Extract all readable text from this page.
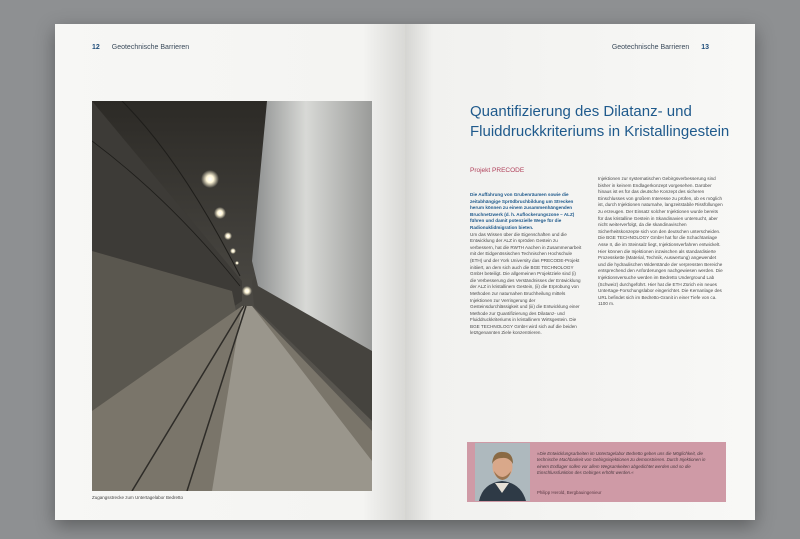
12 Geotechnische Barrieren
Zugangsstrecke zum Untertagelabor Bedretto
Geotechnische Barrieren 13
Quantifizierung des Dilatanz- und Fluiddruckkriteriums in Kristallingestein
Projekt PRECODE

Die Auffahrung von Grubenräumen sowie die zeitabhängige Sprödbruchbildung um Strecken herum können zu einem zusammenhängenden Bruchnetzwerk (d. h. Auflockerungszone – ALZ) führen und damit potenzielle Wege für die Radionuklidmigration bieten.

Um das Wissen über die Eigenschaften und die Entwicklung der ALZ in spröden Gestein zu verbessern, hat die RWTH Aachen in Zusammenarbeit mit der Eidgenössischen Technischen Hochschule (ETH) und der York University das PRECODE-Projekt initiiert, an dem sich auch die BGE TECHNOLOGY GmbH beteiligt. Die allgemeinen Projektziele sind (i) die Verbesserung des Verständnisses der Entwicklung der ALZ in kristallinem Gestein, (ii) die Erprobung von Methoden zur naturnahen Bruchheilung mittels Injektionen zur Verringerung der Gesteinsdurchlässigkeit und (iii) die Entwicklung einer Methode zur Quantifizierung des Dilatanz- und Fluiddruckkriteriums in kristallinem Wirtsgestein. Die BGE TECHNOLOGY GmbH wird sich auf die beiden letztgenannten Ziele konzentrieren.

Injektionen zur systematischen Gebirgsverbesserung sind bisher in keinem Endlagerkonzept vorgesehen. Darüber hinaus ist es für das deutsche Konzept des sicheren Einschlusses von großem Interesse zu prüfen, ob es möglich ist, durch Injektionen naturnahe, langzeitstabile Rissfüllungen zu erzeugen. Der Einsatz solcher Injektionen wurde bereits für das kristalline Gestein in Skandinavien untersucht, aber nicht weiterverfolgt, da die skandinavischen Sicherheitskonzepte sich von den deutschen unterscheiden. Die BGE TECHNOLOGY GmbH hat für die Schachtanlage Asse II, die im Steinsalz liegt, Injektionsverfahren entwickelt. Hier können die Injektionen inzwischen als standardisierte Prozesskette (Material, Technik, Auswertung) angewendet und die hydraulischen Widerstände der verpressten Bereiche entsprechend den Anforderungen nachgewiesen werden. Die Injektionsversuche werden im Bedretto Underground Lab (Schweiz) durchgeführt. Hier hat die ETH Zürich ein neues Untertage-Forschungslabor eingerichtet. Die Kernanlage des URL befindet sich im Bedretto-Granit in einer Tiefe von ca. 1100 m.

»Die Entwicklungsarbeiten im Untertagelabor Bedretto geben uns die Möglichkeit, die technische Machbarkeit von Gebirgsinjektionen zu demonstrieren. Durch Injektionen in einem Endlager sollen vor allem Wegsamkeiten abgedichtet werden und so die Einschlussfunktion des Gebirges erhöht werden.«
Philipp Herold, Bergbauingenieur
